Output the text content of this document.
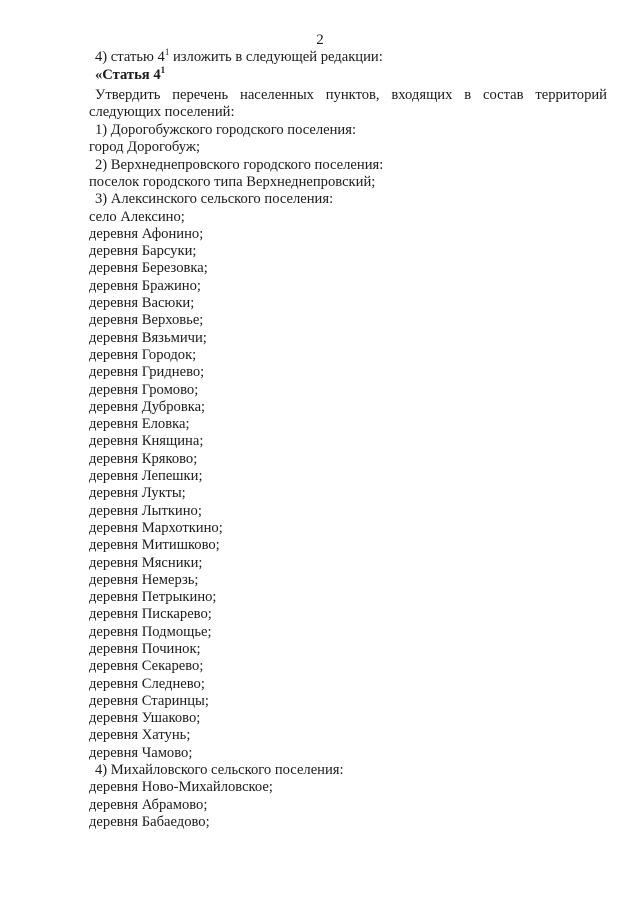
2
4) статью $4^1$ изложить в следующей редакции:
«Статья $4^1$
Утвердить перечень населенных пунктов, входящих в состав территорий
следующих поселений:
1) Дорогобужского городского поселения:
город Дорогобуж;
2) Верхнеднепровского городского поселения:
поселок городского типа Верхнеднепровский;
3) Алексинского сельского поселения:
село Алексино;
деревня Афонино;
деревня Барсуки;
деревня Березовка;
деревня Бражино;
деревня Васюки;
деревня Верховье;
деревня Вязьмичи;
деревня Городок;
деревня Гриднево;
деревня Громово;
деревня Дубровка;
деревня Еловка;
деревня Княщина;
деревня Кряково;
деревня Лепешки;
деревня Лукты;
деревня Лыткино;
деревня Мархоткино;
деревня Митишково;
деревня Мясники;
деревня Немерзь;
деревня Петрыкино;
деревня Пискарево;
деревня Подмощье;
деревня Починок;
деревня Секарево;
деревня Следнево;
деревня Старинцы;
деревня Ушаково;
деревня Хатунь;
деревня Чамово;
4) Михайловского сельского поселения:
деревня Ново-Михайловское;
деревня Абрамово;
деревня Бабаедово;
